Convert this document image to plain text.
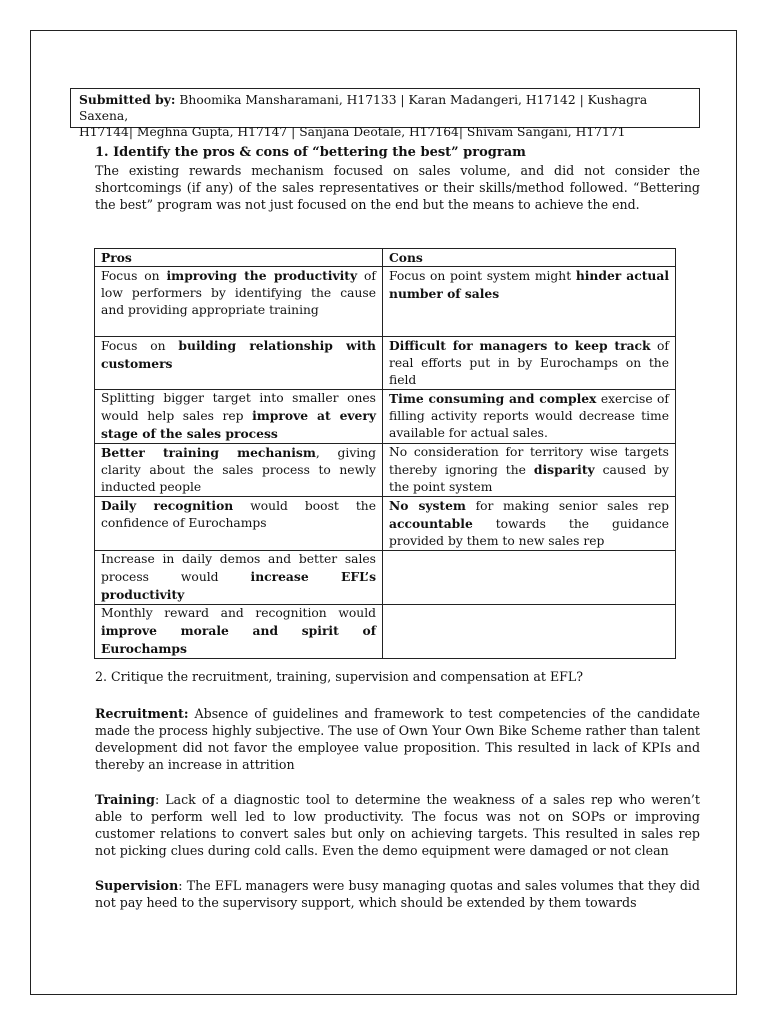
Submitted by: Bhoomika Mansharamani, H17133 | Karan Madangeri, H17142 | Kushagra Saxena,
H17144| Meghna Gupta, H17147 | Sanjana Deotale, H17164| Shivam Sangani, H17171
1. Identify the pros & cons of “bettering the best” program

The existing rewards mechanism focused on sales volume, and did not consider the shortcomings (if any) of the sales representatives or their skills/method followed. “Bettering the best” program was not just focused on the end but the means to achieve the end.

Pros	Cons
Focus on improving the productivity of low performers by identifying the cause and providing appropriate training	Focus on point system might hinder actual number of sales
Focus on building relationship with customers	Difficult for managers to keep track of real efforts put in by Eurochamps on the field
Splitting bigger target into smaller ones would help sales rep improve at every stage of the sales process	Time consuming and complex exercise of filling activity reports would decrease time available for actual sales.
Better training mechanism, giving clarity about the sales process to newly inducted people	No consideration for territory wise targets thereby ignoring the disparity caused by the point system
Daily recognition would boost the confidence of Eurochamps	No system for making senior sales rep accountable towards the guidance provided by them to new sales rep
Increase in daily demos and better sales process would increase EFL’s productivity	
Monthly reward and recognition would improve morale and spirit of Eurochamps	
2. Critique the recruitment, training, supervision and compensation at EFL?

Recruitment: Absence of guidelines and framework to test competencies of the candidate made the process highly subjective. The use of Own Your Own Bike Scheme rather than talent development did not favor the employee value proposition. This resulted in lack of KPIs and thereby an increase in attrition

Training: Lack of a diagnostic tool to determine the weakness of a sales rep who weren’t able to perform well led to low productivity. The focus was not on SOPs or improving customer relations to convert sales but only on achieving targets. This resulted in sales rep not picking clues during cold calls. Even the demo equipment were damaged or not clean

Supervision: The EFL managers were busy managing quotas and sales volumes that they did not pay heed to the supervisory support, which should be extended by them towards
